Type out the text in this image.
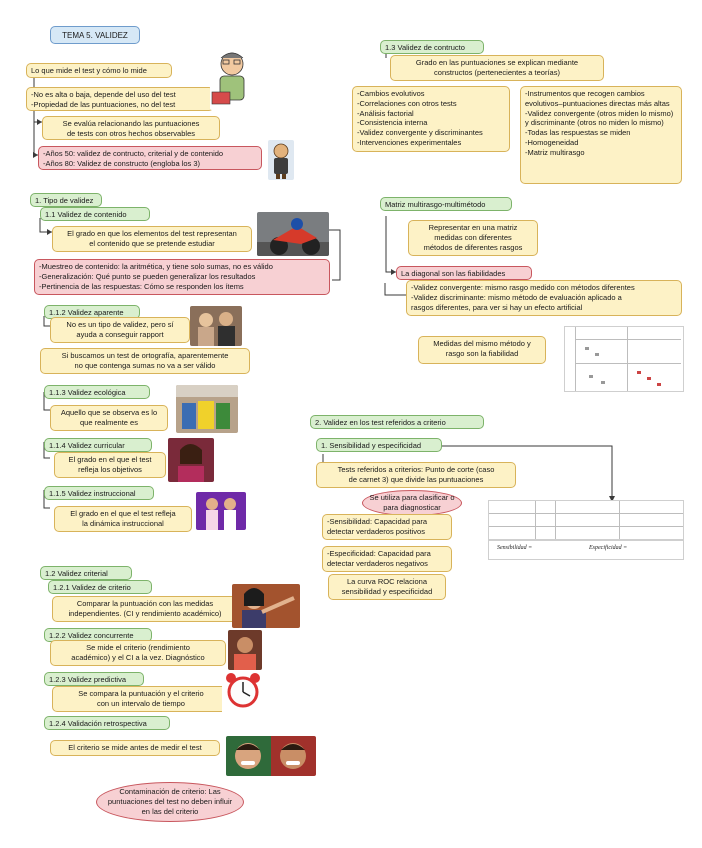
TEMA 5. VALIDEZ
Lo que mide el test y cómo lo mide
-No es alta o baja, depende del uso del test
-Propiedad de las puntuaciones, no del test
Se evalúa relacionando las puntuaciones
de tests con otros hechos observables
-Años 50: validez de contructo, criterial y de contenido
-Años 80: Validez de constructo (engloba los 3)
1. Tipo de validez
1.1 Validez de contenido
El grado en que los elementos del test representan
el contenido que se pretende estudiar
-Muestreo de contenido: la aritmética, y tiene solo sumas, no es válido
-Generalización: Qué punto se pueden generalizar los resultados
-Pertinencia de las respuestas: Cómo se responden los ítems
1.1.2 Validez aparente
No es un tipo de validez, pero sí
ayuda a conseguir rapport
Si buscamos un test de ortografía, aparentemente
no que contenga sumas no va a ser válido
1.1.3 Validez ecológica
Aquello que se observa es lo
que realmente es
1.1.4 Validez curricular
El grado en el que el test
refleja los objetivos
1.1.5 Validez instruccional
El grado en el que el test refleja
la dinámica instruccional
1.2 Validez criterial
1.2.1 Validez de criterio
Comparar la puntuación con las medidas
independientes. (CI y rendimiento académico)
1.2.2 Validez concurrente
Se mide el criterio (rendimiento
académico) y el CI a la vez. Diagnóstico
1.2.3 Validez predictiva
Se compara la puntuación y el criterio
con un intervalo de tiempo
1.2.4 Validación retrospectiva
El criterio se mide antes de medir el test
Contaminación de criterio: Las
puntuaciones del test no deben influir
en las del criterio
1.3 Validez de contructo
Grado en las puntuaciones se explican mediante
constructos (pertenecientes a teorías)
-Cambios evolutivos
-Correlaciones con otros tests
-Análisis factorial
-Consistencia interna
-Validez convergente y discriminantes
-Intervenciones experimentales
-Instrumentos que recogen cambios evolutivos–puntuaciones directas más altas
-Validez convergente (otros miden lo mismo) y discriminante (otros no miden lo mismo)
-Todas las respuestas se miden
-Homogeneidad
-Matriz multirasgo
Matriz multirasgo-multimétodo
Representar en una matriz
medidas con diferentes
métodos de diferentes rasgos
La diagonal son las fiabilidades
-Validez convergente: mismo rasgo medido con métodos diferentes
-Validez discriminante: mismo método de evaluación aplicado a
rasgos diferentes, para ver si hay un efecto artificial
Medidas del mismo método y
rasgo son la fiabilidad
2. Validez en los test referidos a criterio
1. Sensibilidad y especificidad
Tests referidos a criterios: Punto de corte (caso
de carnet 3) que divide las puntuaciones
Se utiliza para clasificar o
para diagnosticar
-Sensibilidad: Capacidad para
detectar verdaderos positivos
-Especificidad: Capacidad para
detectar verdaderos negativos
La curva ROC relaciona
sensibilidad y especificidad
Sensibilidad =	Especificidad =
